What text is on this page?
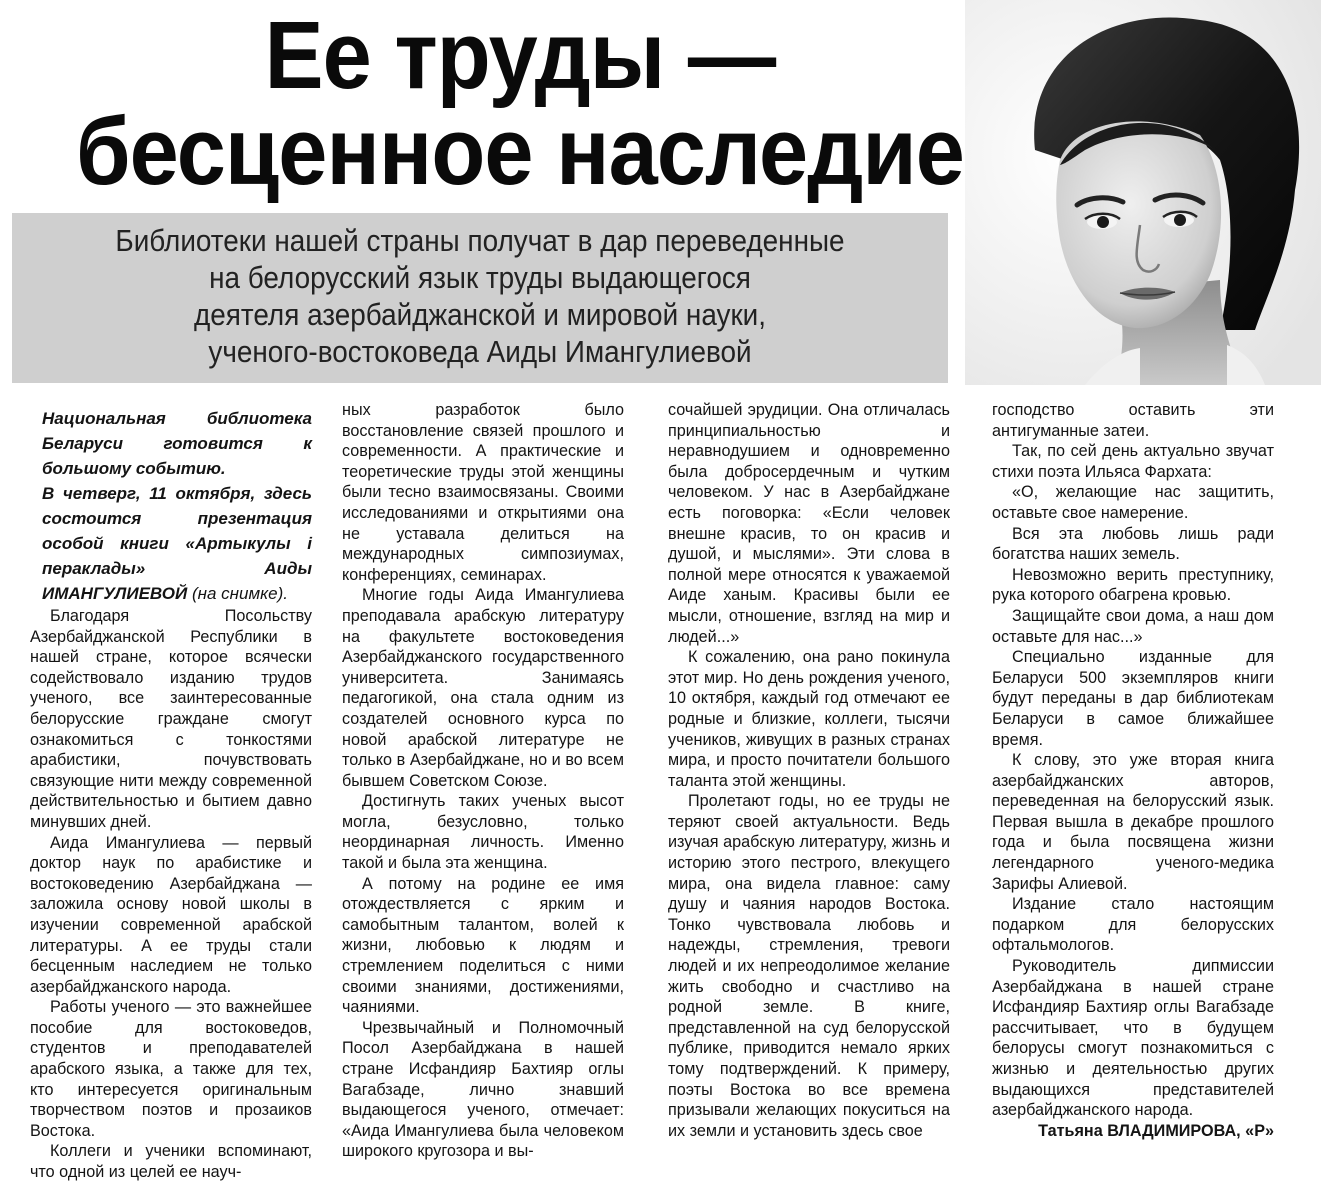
Ее труды —
бесценное наследие
Библиотеки нашей страны получат в дар переведенные
на белорусский язык труды выдающегося
деятеля азербайджанской и мировой науки,
ученого-востоковеда Аиды Имангулиевой

Национальная библиотека Беларуси готовится к большому событию.
В четверг, 11 октября, здесь состоится презентация особой книги «Артыкулы і пераклады» Аиды ИМАНГУЛИЕВОЙ (на снимке).

Благодаря Посольству Азербайджанской Республики в нашей стране, которое всячески содействовало изданию трудов ученого, все заинтересованные белорусские граждане смогут ознакомиться с тонкостями арабистики, почувствовать связующие нити между современной действительностью и бытием давно минувших дней.

Аида Имангулиева — первый доктор наук по арабистике и востоковедению Азербайджана — заложила основу новой школы в изучении современной арабской литературы. А ее труды стали бесценным наследием не только азербайджанского народа.

Работы ученого — это важнейшее пособие для востоковедов, студентов и преподавателей арабского языка, а также для тех, кто интересуется оригинальным творчеством поэтов и прозаиков Востока.

Коллеги и ученики вспоминают, что одной из целей ее науч-

ных разработок было восстановление связей прошлого и современности. А практические и теоретические труды этой женщины были тесно взаимосвязаны. Своими исследованиями и открытиями она не уставала делиться на международных симпозиумах, конференциях, семинарах.

Многие годы Аида Имангулиева преподавала арабскую литературу на факультете востоковедения Азербайджанского государственного университета. Занимаясь педагогикой, она стала одним из создателей основного курса по новой арабской литературе не только в Азербайджане, но и во всем бывшем Советском Союзе.

Достигнуть таких ученых высот могла, безусловно, только неординарная личность. Именно такой и была эта женщина.

А потому на родине ее имя отождествляется с ярким и самобытным талантом, волей к жизни, любовью к людям и стремлением поделиться с ними своими знаниями, достижениями, чаяниями.

Чрезвычайный и Полномочный Посол Азербайджана в нашей стране Исфандияр Бахтияр оглы Вагабзаде, лично знавший выдающегося ученого, отмечает: «Аида Имангулиева была человеком широкого кругозора и вы-

сочайшей эрудиции. Она отличалась принципиальностью и неравнодушием и одновременно была добросердечным и чутким человеком. У нас в Азербайджане есть поговорка: «Если человек внешне красив, то он красив и душой, и мыслями». Эти слова в полной мере относятся к уважаемой Аиде ханым. Красивы были ее мысли, отношение, взгляд на мир и людей...»

К сожалению, она рано покинула этот мир. Но день рождения ученого, 10 октября, каждый год отмечают ее родные и близкие, коллеги, тысячи учеников, живущих в разных странах мира, и просто почитатели большого таланта этой женщины.

Пролетают годы, но ее труды не теряют своей актуальности. Ведь изучая арабскую литературу, жизнь и историю этого пестрого, влекущего мира, она видела главное: саму душу и чаяния народов Востока. Тонко чувствовала любовь и надежды, стремления, тревоги людей и их непреодолимое желание жить свободно и счастливо на родной земле. В книге, представленной на суд белорусской публике, приводится немало ярких тому подтверждений. К примеру, поэты Востока во все времена призывали желающих покуситься на их земли и установить здесь свое

господство оставить эти антигуманные затеи.

Так, по сей день актуально звучат стихи поэта Ильяса Фархата:

«О, желающие нас защитить, оставьте свое намерение.

Вся эта любовь лишь ради богатства наших земель.

Невозможно верить преступнику, рука которого обагрена кровью.

Защищайте свои дома, а наш дом оставьте для нас...»

Специально изданные для Беларуси 500 экземпляров книги будут переданы в дар библиотекам Беларуси в самое ближайшее время.

К слову, это уже вторая книга азербайджанских авторов, переведенная на белорусский язык. Первая вышла в декабре прошлого года и была посвящена жизни легендарного ученого-медика Зарифы Алиевой.

Издание стало настоящим подарком для белорусских офтальмологов.

Руководитель дипмиссии Азербайджана в нашей стране Исфандияр Бахтияр оглы Вагабзаде рассчитывает, что в будущем белорусы смогут познакомиться с жизнью и деятельностью других выдающихся представителей азербайджанского народа.

Татьяна ВЛАДИМИРОВА, «Р»
